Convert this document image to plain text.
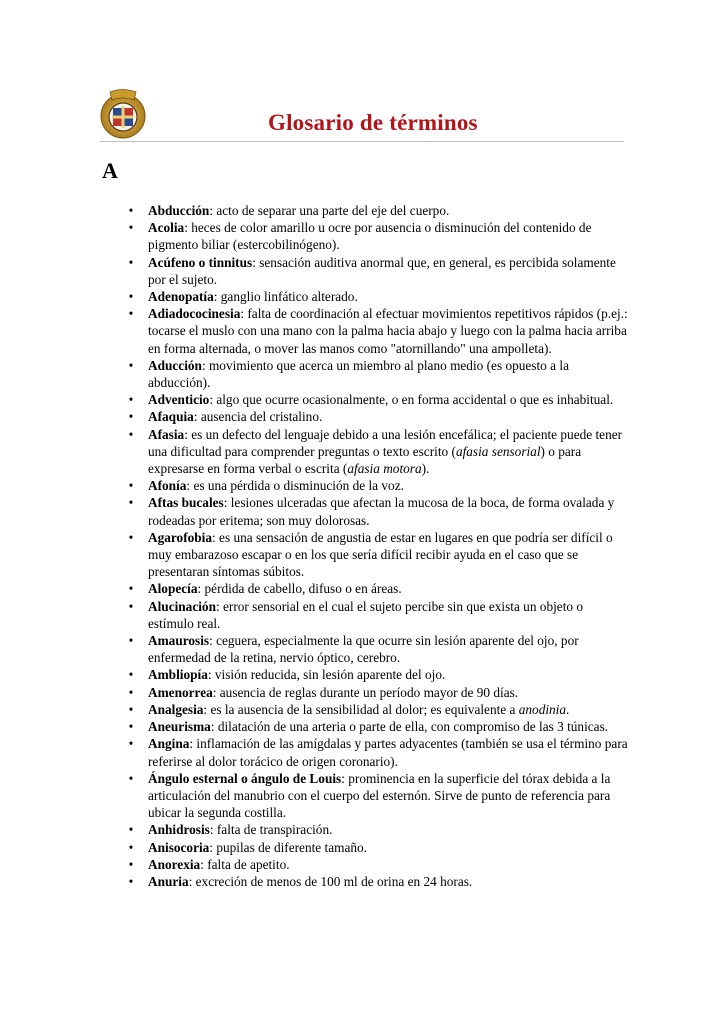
Glosario de términos
A
•	Abducción: acto de separar una parte del eje del cuerpo.
•	Acolia: heces de color amarillo u ocre por ausencia o disminución del contenido de pigmento biliar (estercobilinógeno).
•	Acúfeno o tinnitus: sensación auditiva anormal que, en general, es percibida solamente por el sujeto.
•	Adenopatía: ganglio linfático alterado.
•	Adiadococinesia: falta de coordinación al efectuar movimientos repetitivos rápidos (p.ej.: tocarse el muslo con una mano con la palma hacia abajo y luego con la palma hacia arriba en forma alternada, o mover las manos como "atornillando" una ampolleta).
•	Aducción: movimiento que acerca un miembro al plano medio (es opuesto a la abducción).
•	Adventicio: algo que ocurre ocasionalmente, o en forma accidental o que es inhabitual.
•	Afaquia: ausencia del cristalino.
•	Afasia: es un defecto del lenguaje debido a una lesión encefálica; el paciente puede tener una dificultad para comprender preguntas o texto escrito (afasia sensorial) o para expresarse en forma verbal o escrita (afasia motora).
•	Afonía: es una pérdida o disminución de la voz.
•	Aftas bucales: lesiones ulceradas que afectan la mucosa de la boca, de forma ovalada y rodeadas por eritema; son muy dolorosas.
•	Agarofobia: es una sensación de angustia de estar en lugares en que podría ser difícil o muy embarazoso escapar o en los que sería difícil recibir ayuda en el caso que se presentaran síntomas súbitos.
•	Alopecía: pérdida de cabello, difuso o en áreas.
•	Alucinación: error sensorial en el cual el sujeto percibe sin que exista un objeto o estímulo real.
•	Amaurosis: ceguera, especialmente la que ocurre sin lesión aparente del ojo, por enfermedad de la retina, nervio óptico, cerebro.
•	Ambliopía: visión reducida, sin lesión aparente del ojo.
•	Amenorrea: ausencia de reglas durante un período mayor de 90 días.
•	Analgesia: es la ausencia de la sensibilidad al dolor; es equivalente a anodinia.
•	Aneurisma: dilatación de una arteria o parte de ella, con compromiso de las 3 túnicas.
•	Angina: inflamación de las amígdalas y partes adyacentes (también se usa el término para referirse al dolor torácico de origen coronario).
•	Ángulo esternal o ángulo de Louis: prominencia en la superficie del tórax debida a la articulación del manubrio con el cuerpo del esternón. Sirve de punto de referencia para ubicar la segunda costilla.
•	Anhidrosis: falta de transpiración.
•	Anisocoria: pupilas de diferente tamaño.
•	Anorexia: falta de apetito.
•	Anuria: excreción de menos de 100 ml de orina en 24 horas.
